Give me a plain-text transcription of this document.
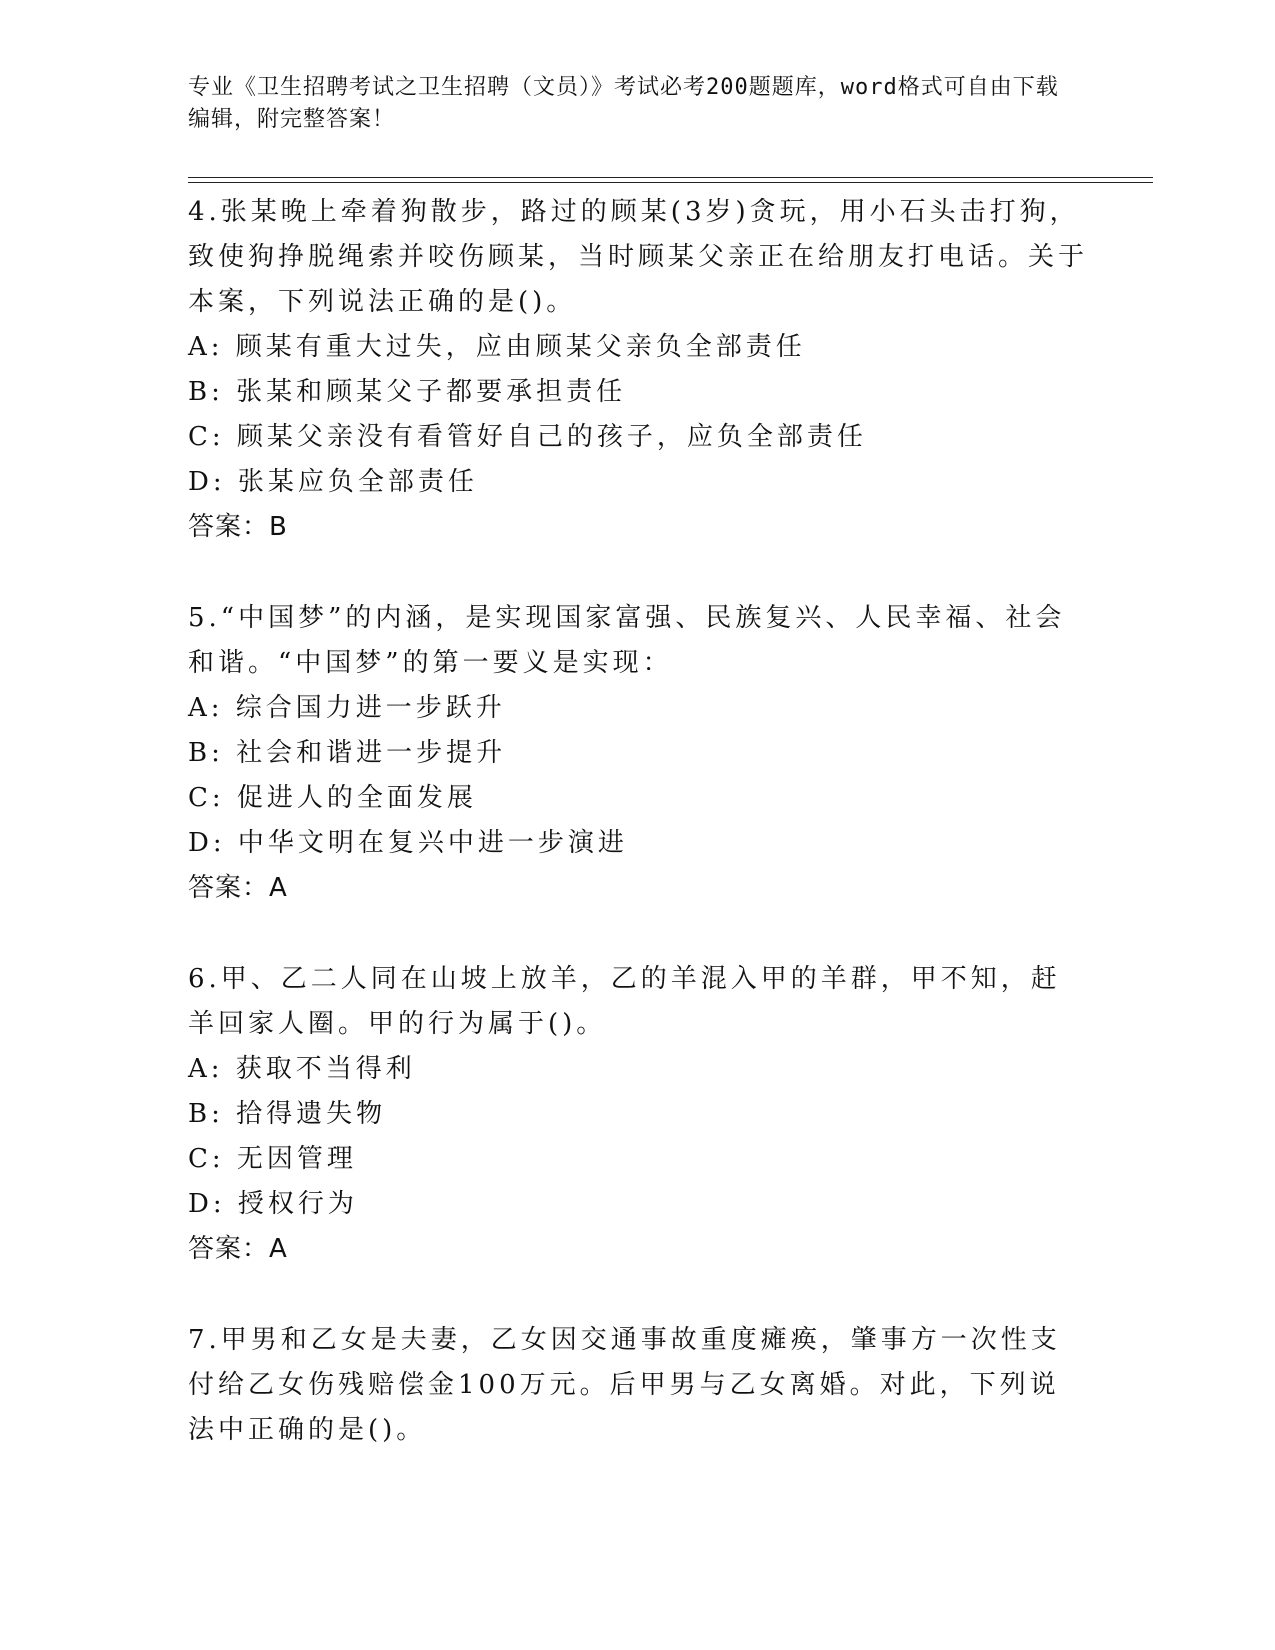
专业《卫生招聘考试之卫生招聘（文员）》考试必考200题题库，word格式可自由下载编辑，附完整答案！

4.张某晚上牵着狗散步，路过的顾某(3岁)贪玩，用小石头击打狗，致使狗挣脱绳索并咬伤顾某，当时顾某父亲正在给朋友打电话。关于本案，下列说法正确的是()。

A: 顾某有重大过失，应由顾某父亲负全部责任

B: 张某和顾某父子都要承担责任

C: 顾某父亲没有看管好自己的孩子，应负全部责任

D: 张某应负全部责任

答案：B

5.“中国梦”的内涵，是实现国家富强、民族复兴、人民幸福、社会和谐。“中国梦”的第一要义是实现：

A: 综合国力进一步跃升

B: 社会和谐进一步提升

C: 促进人的全面发展

D: 中华文明在复兴中进一步演进

答案：A

6.甲、乙二人同在山坡上放羊，乙的羊混入甲的羊群，甲不知，赶羊回家人圈。甲的行为属于()。

A: 获取不当得利

B: 拾得遗失物

C: 无因管理

D: 授权行为

答案：A

7.甲男和乙女是夫妻，乙女因交通事故重度瘫痪，肇事方一次性支付给乙女伤残赔偿金100万元。后甲男与乙女离婚。对此，下列说法中正确的是()。
